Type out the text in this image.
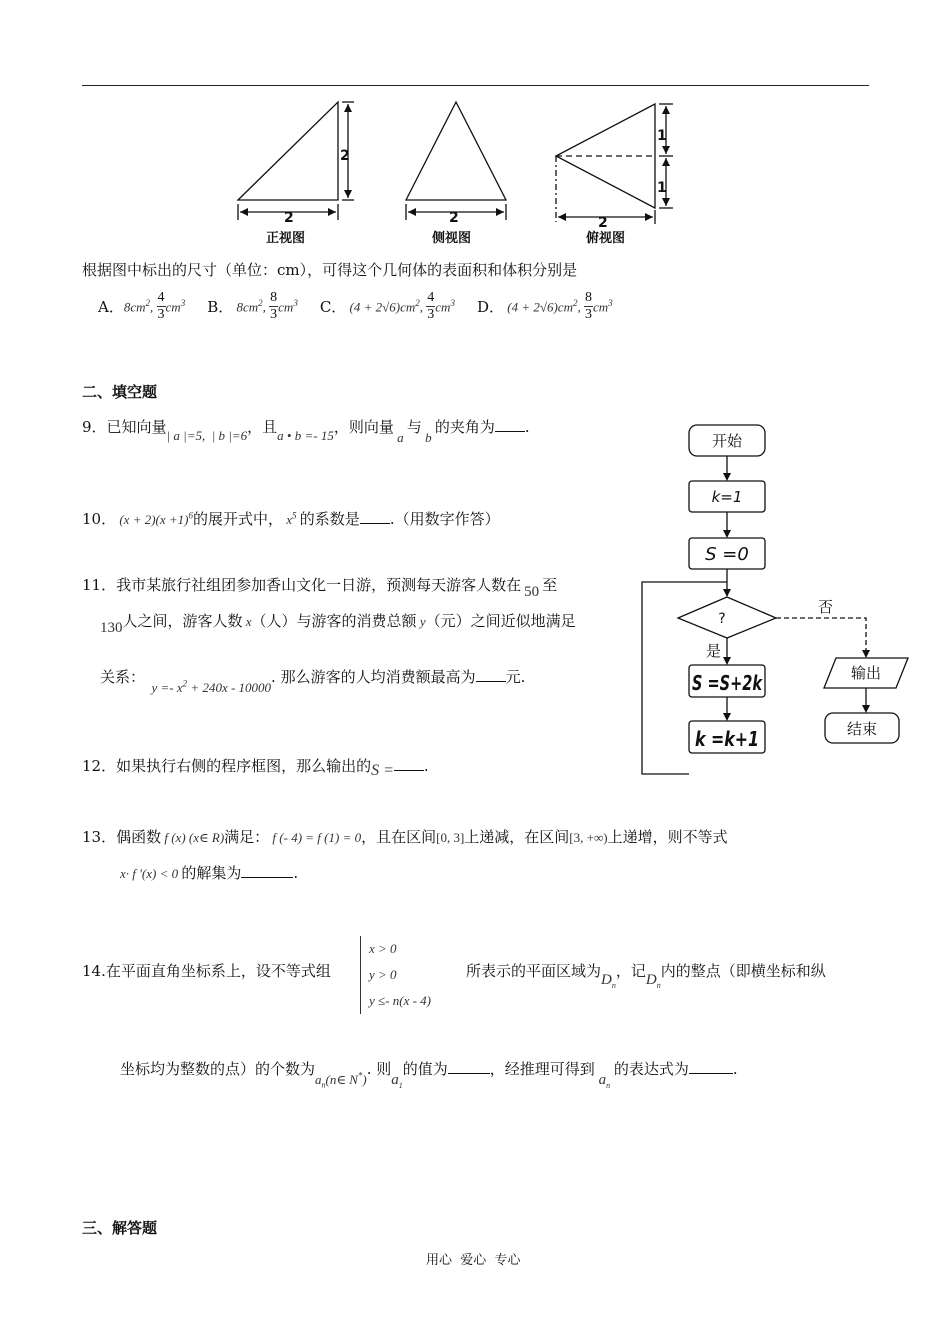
2
2
2	2
1
1
正视图	侧视图	俯视图
根据图中标出的尺寸（单位：cm），可得这个几何体的表面积和体积分别是
A． $8cm^2$, $\frac{4}{3} cm^3$ B． $8cm^2$, $\frac{8}{3} cm^3$ C． $(4 + 2√6)cm^2$, $\frac{4}{3} cm^3$ D． $(4 + 2√6)cm^2$, $\frac{8}{3} cm^3$
二、填空题
9．已知向量| a |=5,  | b |=6，且a • b =- 15，则向量 a 与 b 的夹角为 .
10． $(x + 2)(x +1)^6$的展开式中， $x^5$ 的系数是 .（用数字作答）
11．我市某旅行社组团参加香山文化一日游，预测每天游客人数在 50 至
130人之间，游客人数 x（人）与游客的消费总额 y（元）之间近似地满足
关系：  $y =- x^2 + 240x - 10000$. 那么游客的人均消费额最高为 元.
12．如果执行右侧的程序框图，那么输出的S = .
13．偶函数 f (x) (x∈ R)满足： f (- 4) = f (1) = 0，且在区间[0, 3]上递减，在区间[3, +∞)上递增，则不等式
x· f '(x) < 0 的解集为	.
14.在平面直角坐标系上，设不等式组
x > 0
y > 0
y ≤- n(x - 4)
所表示的平面区域为$D_n$，记$D_n$内的整点（即横坐标和纵
坐标均为整数的点）的个数为$a_n(n\in$ N*). 则$a_1$的值为	，经推理可得到 $a_n$ 的表达式为	.
开始
k=1
S =0
?
否
是
S =S+2k
k =k+1
输出
结束
三、解答题
用心  爱心  专心
